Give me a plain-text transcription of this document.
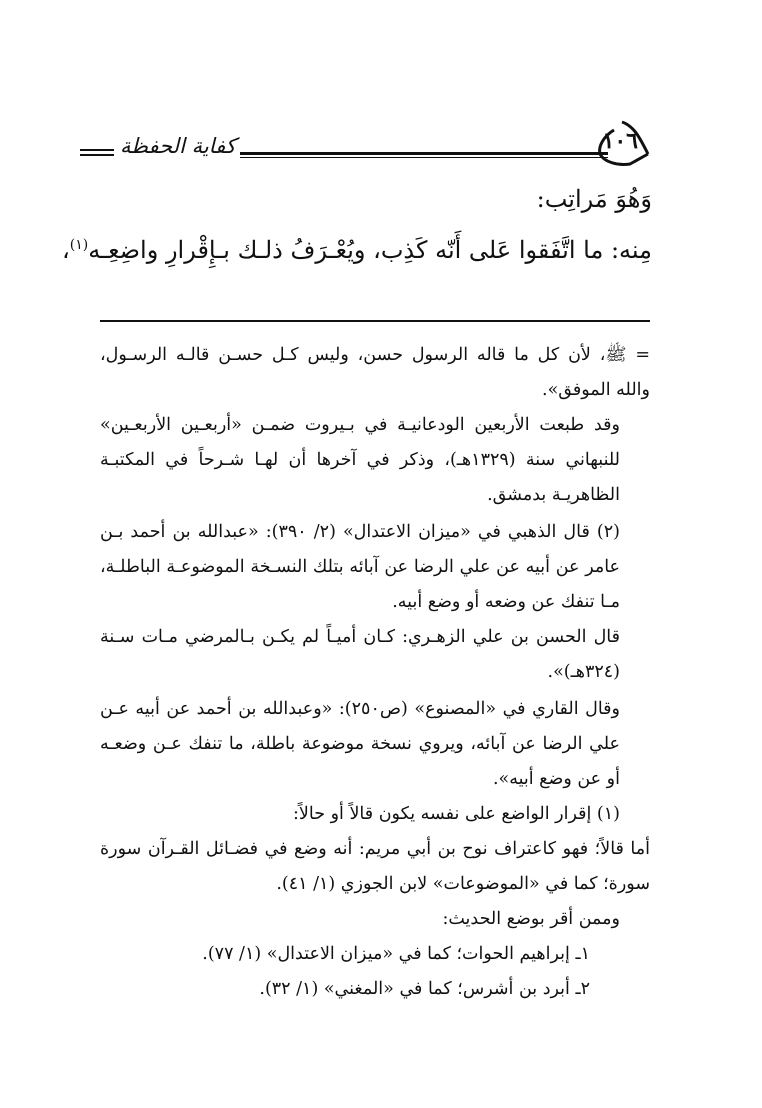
كفاية الحفظة	١٠٦
وَهُوَ مَراتِب:
مِنه: ما اتَّفَقوا عَلى أَنّه كَذِب، ويُعْـرَفُ ذلـك بـإِقْرارِ واضِعِـه$^{(١)}$،

= ﷺ، لأن كل ما قاله الرسول حسن، وليس كـل حسـن قالـه الرسـول، والله الموفق».

وقد طبعت الأربعين الودعانيـة في بـيروت ضمـن «أربعـين الأربعـين» للنبهاني سنة (١٣٢٩هـ)، وذكر في آخرها أن لهـا شـرحاً في المكتبـة الظاهريـة بدمشق.

(٢) قال الذهبي في «ميزان الاعتدال» (٢/ ٣٩٠): «عبدالله بن أحمد بـن عامر عن أبيه عن علي الرضا عن آبائه بتلك النسـخة الموضوعـة الباطلـة، مـا تنفك عن وضعه أو وضع أبيه.

قال الحسن بن علي الزهـري: كـان أميـاً لم يكـن بـالمرضي مـات سـنة (٣٢٤هـ)».

وقال القاري في «المصنوع» (ص٢٥٠): «وعبدالله بن أحمد عن أبيه عـن علي الرضا عن آبائه، ويروي نسخة موضوعة باطلة، ما تنفك عـن وضعـه أو عن وضع أبيه».

(١) إقرار الواضع على نفسه يكون قالاً أو حالاً:

أما قالاً؛ فهو كاعتراف نوح بن أبي مريم: أنه وضع في فضـائل القـرآن سورة سورة؛ كما في «الموضوعات» لابن الجوزي (١/ ٤١).

وممن أقر بوضع الحديث:

١ـ إبراهيم الحوات؛ كما في «ميزان الاعتدال» (١/ ٧٧).

٢ـ أبرد بن أشرس؛ كما في «المغني» (١/ ٣٢).
